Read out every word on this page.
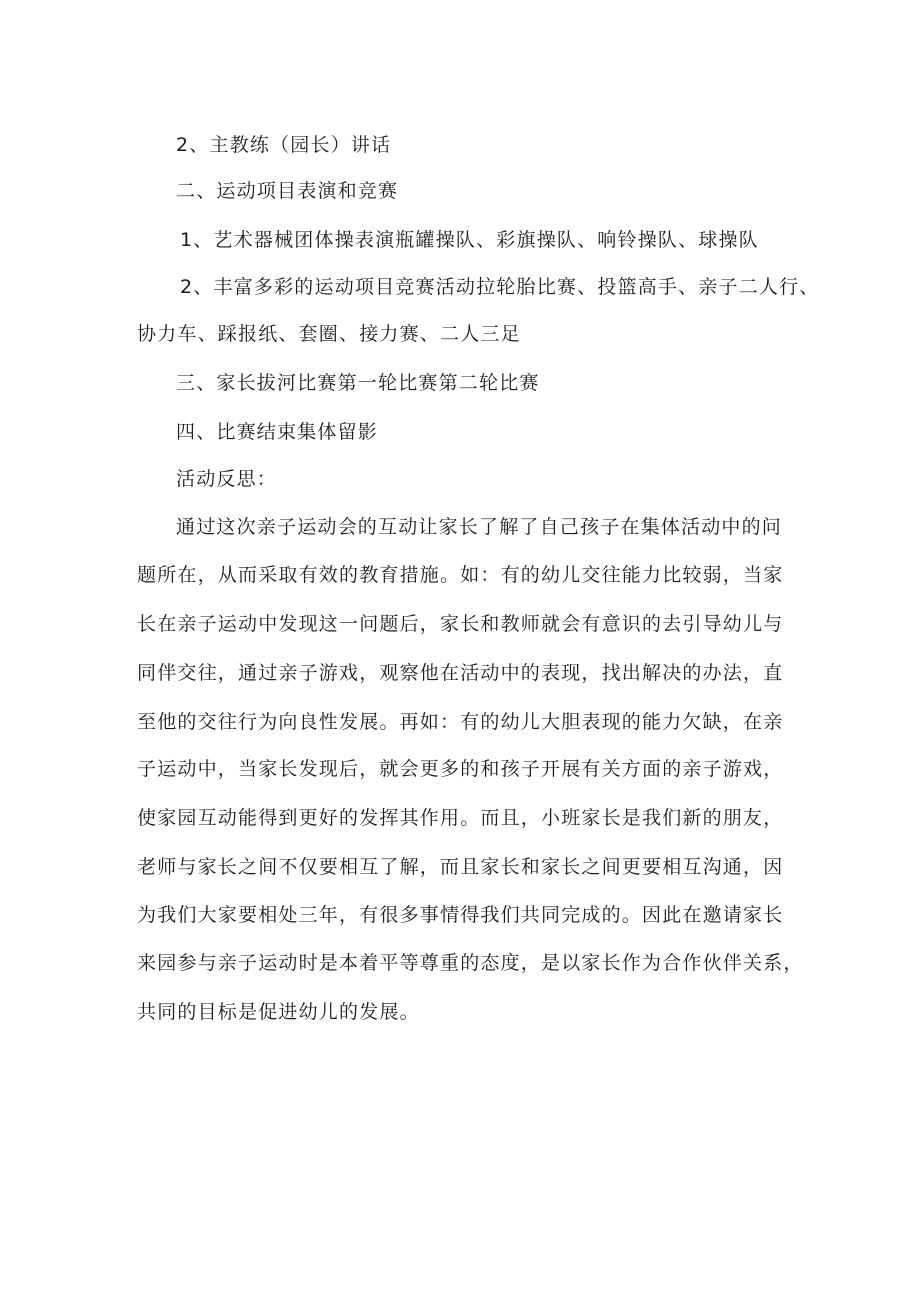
2、主教练（园长）讲话
二、运动项目表演和竞赛
1、艺术器械团体操表演瓶罐操队、彩旗操队、响铃操队、球操队
2、丰富多彩的运动项目竞赛活动拉轮胎比赛、投篮高手、亲子二人行、
协力车、踩报纸、套圈、接力赛、二人三足
三、家长拔河比赛第一轮比赛第二轮比赛
四、比赛结束集体留影
活动反思：
通过这次亲子运动会的互动让家长了解了自己孩子在集体活动中的问
题所在，从而采取有效的教育措施。如：有的幼儿交往能力比较弱，当家
长在亲子运动中发现这一问题后，家长和教师就会有意识的去引导幼儿与
同伴交往，通过亲子游戏，观察他在活动中的表现，找出解决的办法，直
至他的交往行为向良性发展。再如：有的幼儿大胆表现的能力欠缺，在亲
子运动中，当家长发现后，就会更多的和孩子开展有关方面的亲子游戏，
使家园互动能得到更好的发挥其作用。而且，小班家长是我们新的朋友，
老师与家长之间不仅要相互了解，而且家长和家长之间更要相互沟通，因
为我们大家要相处三年，有很多事情得我们共同完成的。因此在邀请家长
来园参与亲子运动时是本着平等尊重的态度，是以家长作为合作伙伴关系，
共同的目标是促进幼儿的发展。
